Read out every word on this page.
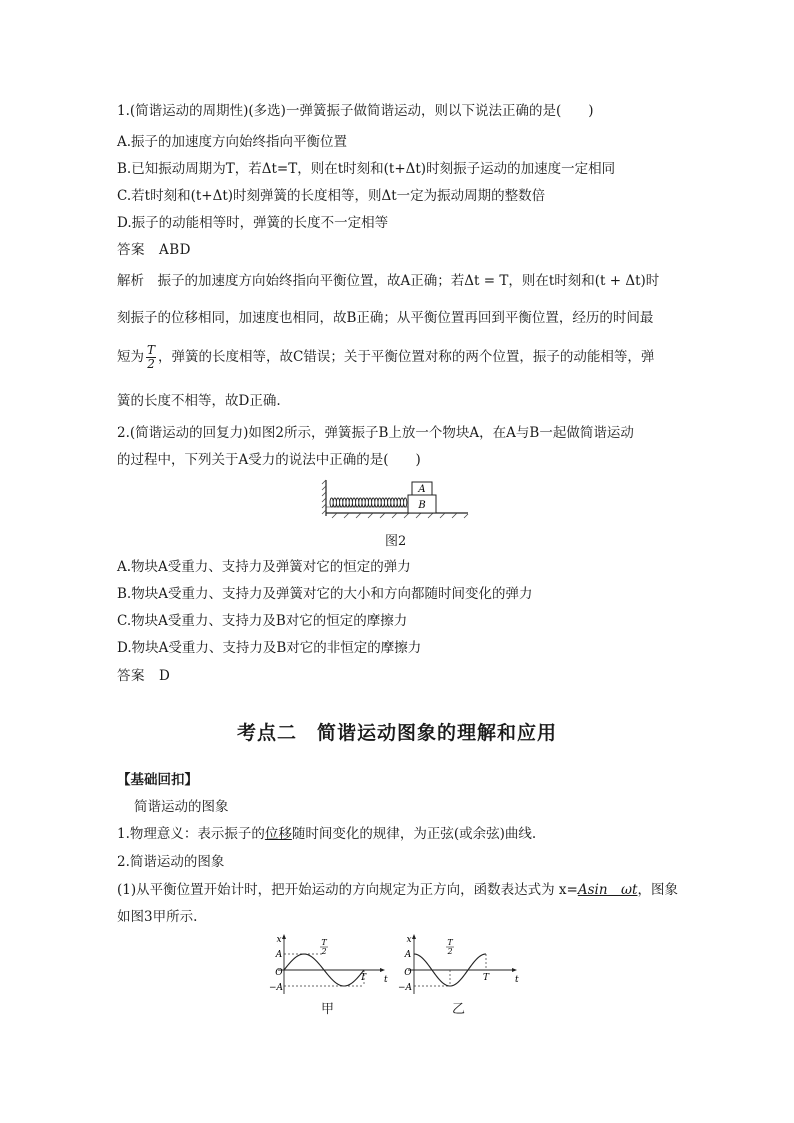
1.(简谐运动的周期性)(多选)一弹簧振子做简谐运动，则以下说法正确的是(　　)
A.振子的加速度方向始终指向平衡位置
B.已知振动周期为T，若Δt=T，则在t时刻和(t+Δt)时刻振子运动的加速度一定相同
C.若t时刻和(t+Δt)时刻弹簧的长度相等，则Δt一定为振动周期的整数倍
D.振子的动能相等时，弹簧的长度不一定相等
答案　ABD
解析　振子的加速度方向始终指向平衡位置，故A正确；若Δt = T，则在t时刻和(t + Δt)时
刻振子的位移相同，加速度也相同，故B正确；从平衡位置再回到平衡位置，经历的时间最
短为 $\frac{T}{2}$ ，弹簧的长度相等，故C错误；关于平衡位置对称的两个位置，振子的动能相等，弹
簧的长度不相等，故D正确.
2.(简谐运动的回复力)如图2所示，弹簧振子B上放一个物块A，在A与B一起做简谐运动
的过程中，下列关于A受力的说法中正确的是(　　)
A
B
图2
A.物块A受重力、支持力及弹簧对它的恒定的弹力
B.物块A受重力、支持力及弹簧对它的大小和方向都随时间变化的弹力
C.物块A受重力、支持力及B对它的恒定的摩擦力
D.物块A受重力、支持力及B对它的非恒定的摩擦力
答案　D
考点二　简谐运动图象的理解和应用
【基础回扣】
简谐运动的图象
1.物理意义：表示振子的位移随时间变化的规律，为正弦(或余弦)曲线.
2.简谐运动的图象
(1)从平衡位置开始计时，把开始运动的方向规定为正方向，函数表达式为 x=Asin　ωt，图象
如图3甲所示.
x
t
A
−A
O	T
T
2
甲
x
t
A
−A
O	T
T
2
乙
